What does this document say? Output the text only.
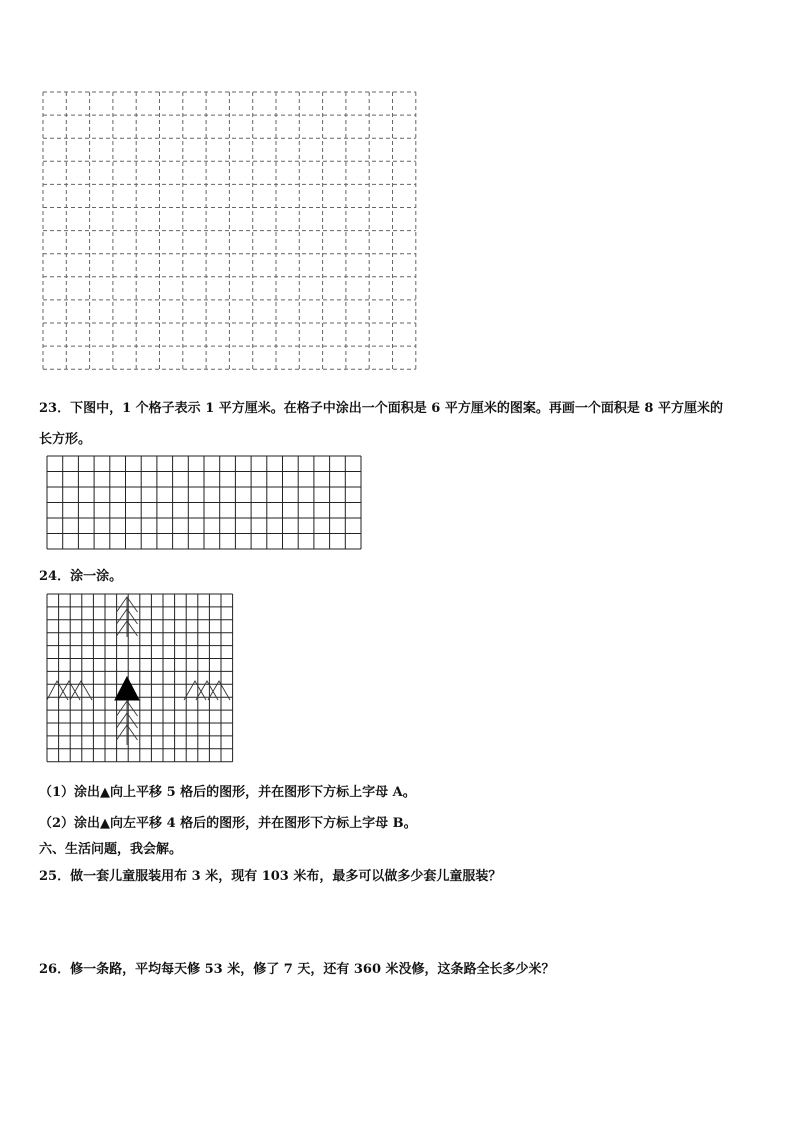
23．下图中，1 个格子表示 1 平方厘米。在格子中涂出一个面积是 6 平方厘米的图案。再画一个面积是 8 平方厘米的
长方形。
24．涂一涂。
（1）涂出▲向上平移 5 格后的图形，并在图形下方标上字母 A。
（2）涂出▲向左平移 4 格后的图形，并在图形下方标上字母 B。
六、生活问题，我会解。
25．做一套儿童服装用布 3 米，现有 103 米布，最多可以做多少套儿童服装？
26．修一条路，平均每天修 53 米，修了 7 天，还有 360 米没修，这条路全长多少米？
